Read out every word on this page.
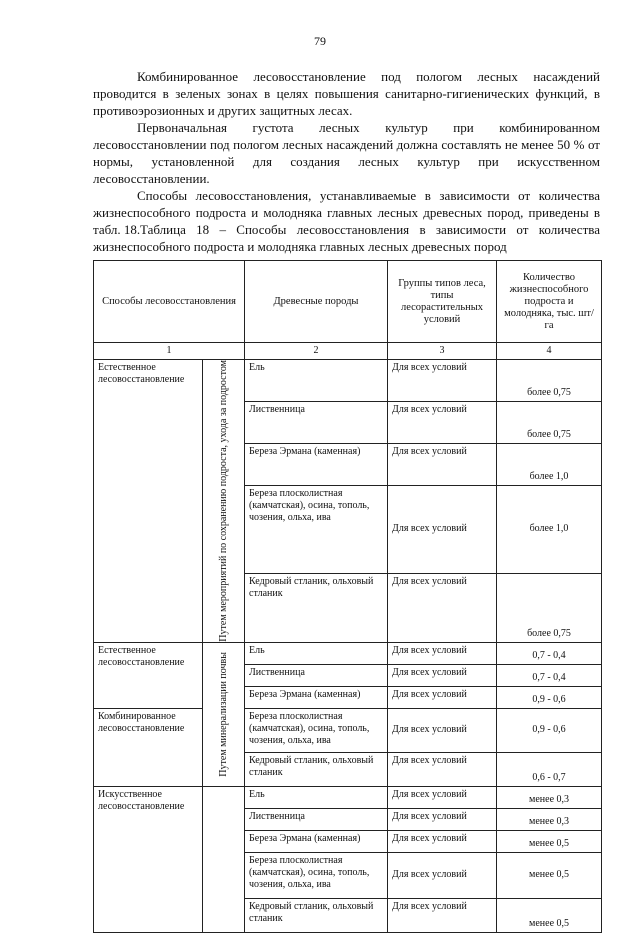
79

Комбинированное лесовосстановление под пологом лесных насаждений проводится в зеленых зонах в целях повышения санитарно-гигиенических функций, в противоэрозионных и других защитных лесах.

Первоначальная густота лесных культур при комбинированном лесовосстановлении под пологом лесных насаждений должна составлять не менее 50 % от нормы, установленной для создания лесных культур при искусственном лесовосстановлении.

Способы лесовосстановления, устанавливаемые в зависимости от количества жизнеспособного подроста и молодняка главных лесных древесных пород, приведены в табл. 18. Таблица 18 – Способы лесовосстановления в зависимости от количества жизнеспособного подроста и молодняка главных лесных древесных пород

Способы лесовосстановления		Древесные породы	Группы типов леса, типы лесорастительных условий	Количество жизнеспособного подроста и молодняка, тыс. шт/га
1		2	3	4
Естественное лесовосстановление	Путем мероприятий по сохранению подроста, ухода за подростом	Ель	Для всех условий	более 0,75
		Лиственница	Для всех условий	более 0,75
		Береза Эрмана (каменная)	Для всех условий	более 1,0
		Береза плосколистная (камчатская), осина, тополь, чозения, ольха, ива	Для всех условий	более 1,0
		Кедровый стланик, ольховый стланик	Для всех условий	более 0,75
Естественное лесовосстановление	Путем минерализации почвы	Ель	Для всех условий	0,7 - 0,4
		Лиственница	Для всех условий	0,7 - 0,4
		Береза Эрмана (каменная)	Для всех условий	0,9 - 0,6
Комбинированное лесовосстановление		Береза плосколистная (камчатская), осина, тополь, чозения, ольха, ива	Для всех условий	0,9 - 0,6
		Кедровый стланик, ольховый стланик	Для всех условий	0,6 - 0,7
Искусственное лесовосстановление		Ель	Для всех условий	менее 0,3
		Лиственница	Для всех условий	менее 0,3
		Береза Эрмана (каменная)	Для всех условий	менее 0,5
		Береза плосколистная (камчатская), осина, тополь, чозения, ольха, ива	Для всех условий	менее 0,5
		Кедровый стланик, ольховый стланик	Для всех условий	менее 0,5
